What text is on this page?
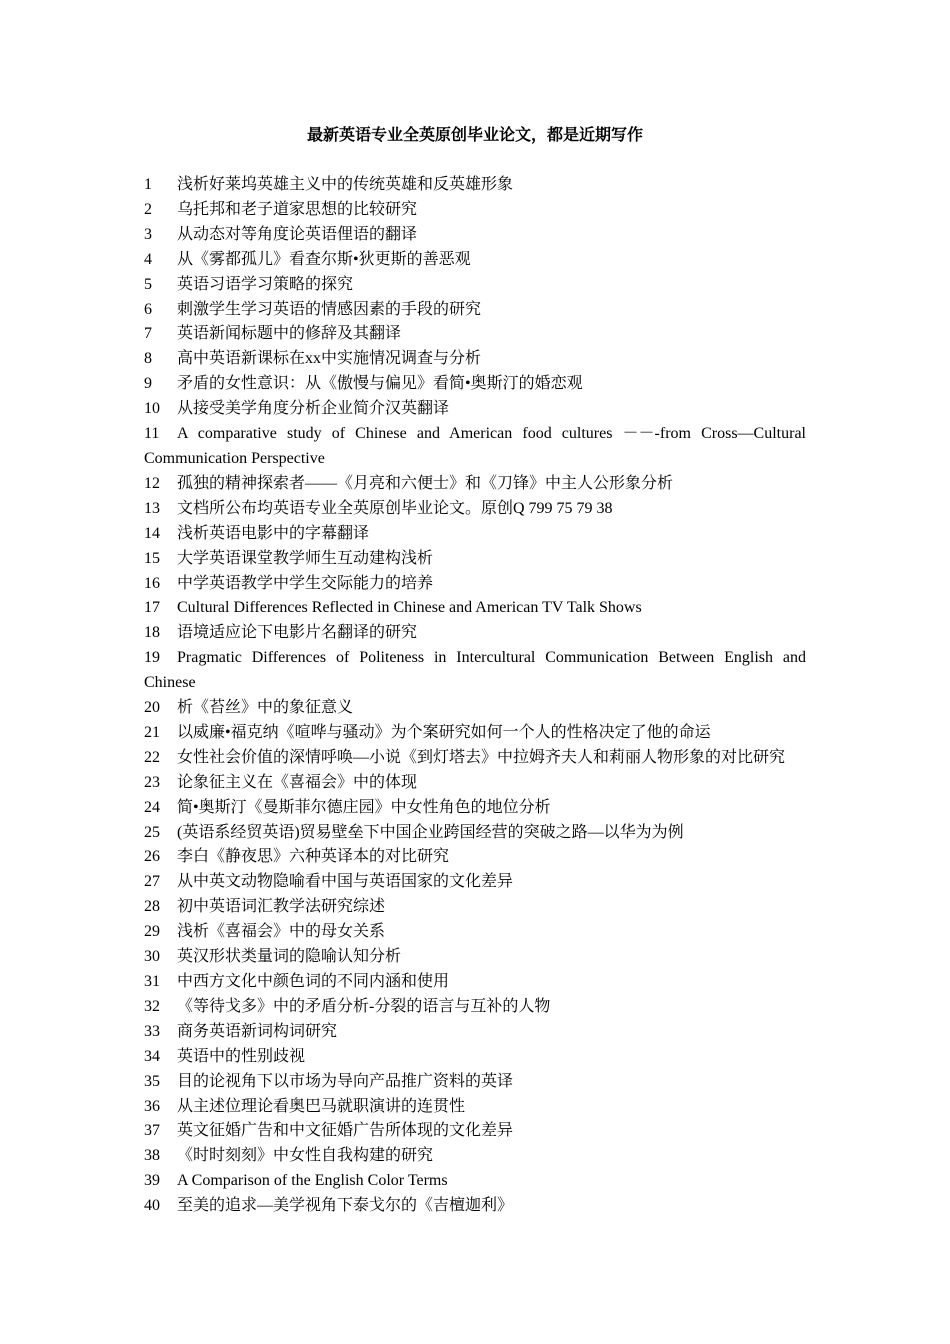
最新英语专业全英原创毕业论文，都是近期写作
1 浅析好莱坞英雄主义中的传统英雄和反英雄形象
2 乌托邦和老子道家思想的比较研究
3 从动态对等角度论英语俚语的翻译
4 从《雾都孤儿》看查尔斯•狄更斯的善恶观
5 英语习语学习策略的探究
6 刺激学生学习英语的情感因素的手段的研究
7 英语新闻标题中的修辞及其翻译
8 高中英语新课标在xx中实施情况调查与分析
9 矛盾的女性意识：从《傲慢与偏见》看简•奥斯汀的婚恋观
10 从接受美学角度分析企业简介汉英翻译
11 A comparative study of Chinese and American food cultures －－-from Cross—Cultural Communication Perspective
12 孤独的精神探索者——《月亮和六便士》和《刀锋》中主人公形象分析
13 文档所公布均英语专业全英原创毕业论文。原创Q 799 75 79 38
14 浅析英语电影中的字幕翻译
15 大学英语课堂教学师生互动建构浅析
16 中学英语教学中学生交际能力的培养
17 Cultural Differences Reflected in Chinese and American TV Talk Shows
18 语境适应论下电影片名翻译的研究
19 Pragmatic Differences of Politeness in Intercultural Communication Between English and Chinese
20 析《苔丝》中的象征意义
21 以威廉•福克纳《喧哗与骚动》为个案研究如何一个人的性格决定了他的命运
22 女性社会价值的深情呼唤—小说《到灯塔去》中拉姆齐夫人和莉丽人物形象的对比研究
23 论象征主义在《喜福会》中的体现
24 简•奥斯汀《曼斯菲尔德庄园》中女性角色的地位分析
25 (英语系经贸英语)贸易壁垒下中国企业跨国经营的突破之路—以华为为例
26 李白《静夜思》六种英译本的对比研究
27 从中英文动物隐喻看中国与英语国家的文化差异
28 初中英语词汇教学法研究综述
29 浅析《喜福会》中的母女关系
30 英汉形状类量词的隐喻认知分析
31 中西方文化中颜色词的不同内涵和使用
32 《等待戈多》中的矛盾分析-分裂的语言与互补的人物
33 商务英语新词构词研究
34 英语中的性别歧视
35 目的论视角下以市场为导向产品推广资料的英译
36 从主述位理论看奥巴马就职演讲的连贯性
37 英文征婚广告和中文征婚广告所体现的文化差异
38 《时时刻刻》中女性自我构建的研究
39 A Comparison of the English Color Terms
40 至美的追求—美学视角下泰戈尔的《吉檀迦利》
